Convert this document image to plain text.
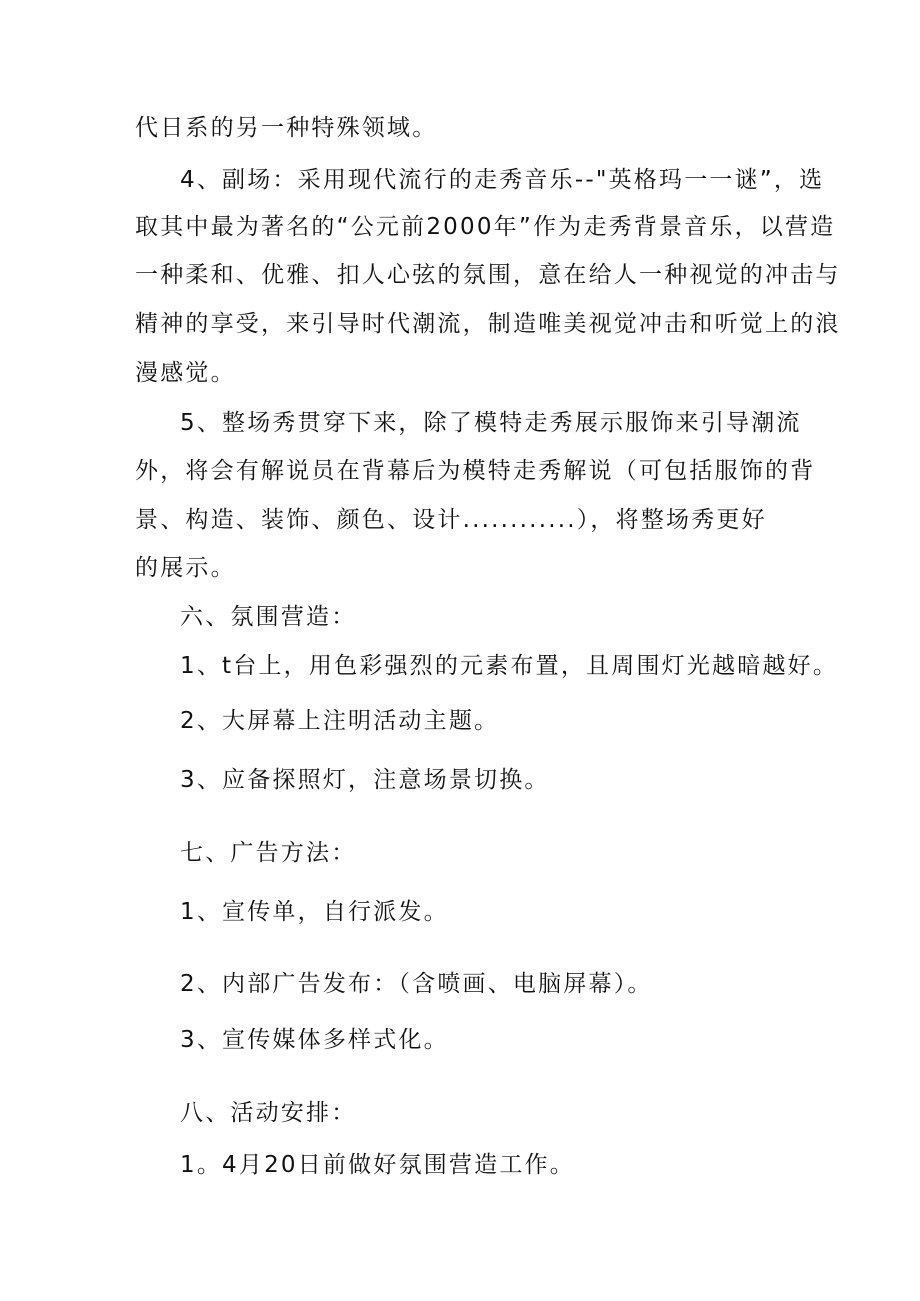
代日系的另一种特殊领域。
4、副场：采用现代流行的走秀音乐--"英格玛一一谜”，选
取其中最为著名的“公元前2000年”作为走秀背景音乐，以营造
一种柔和、优雅、扣人心弦的氛围，意在给人一种视觉的冲击与
精神的享受，来引导时代潮流，制造唯美视觉冲击和听觉上的浪
漫感觉。
5、整场秀贯穿下来，除了模特走秀展示服饰来引导潮流
外，将会有解说员在背幕后为模特走秀解说（可包括服饰的背
景、构造、装饰、颜色、设计............），将整场秀更好
的展示。
六、氛围营造：
1、t台上，用色彩强烈的元素布置，且周围灯光越暗越好。
2、大屏幕上注明活动主题。
3、应备探照灯，注意场景切换。
七、广告方法：
1、宣传单，自行派发。
2、内部广告发布：（含喷画、电脑屏幕）。
3、宣传媒体多样式化。
八、活动安排：
1。4月20日前做好氛围营造工作。
